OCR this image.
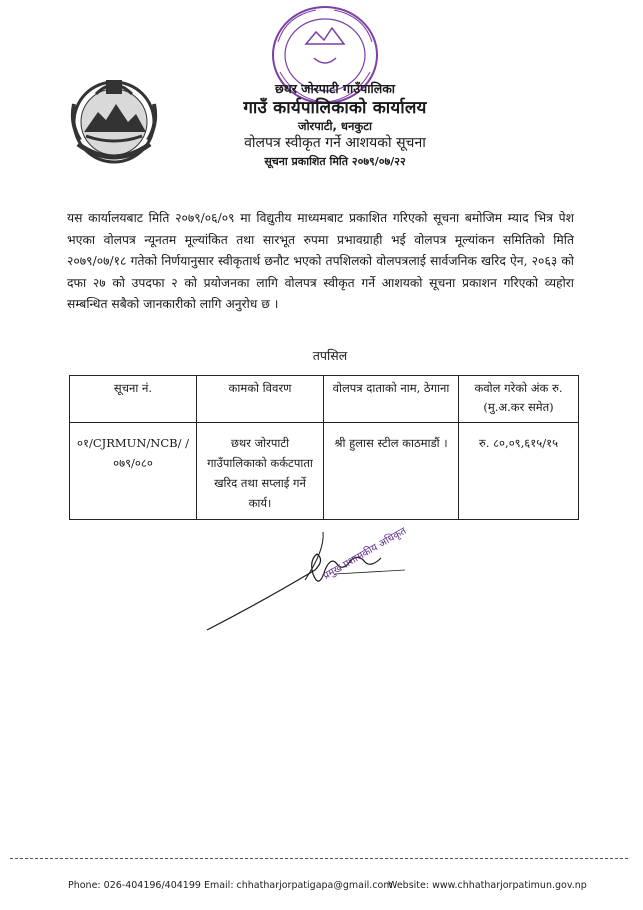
छथर जोरपाटी गाउँपालिका
गाउँ कार्यपालिकाको कार्यालय
जोरपाटी, धनकुटा
वोलपत्र स्वीकृत गर्ने आशयको सूचना
सूचना प्रकाशित मिति २०७९/०७/२२
यस कार्यालयबाट मिति २०७९/०६/०९ मा विद्युतीय माध्यमबाट प्रकाशित गरिएको सूचना बमोजिम म्याद भित्र पेश भएका वोलपत्र न्यूनतम मूल्यांकित तथा सारभूत रुपमा प्रभावग्राही भई वोलपत्र मूल्यांकन समितिको मिति २०७९/०७/१८ गतेको निर्णयानुसार स्वीकृतार्थ छनौट भएको तपशिलको वोलपत्रलाई सार्वजनिक खरिद ऐन, २०६३ को दफा २७ को उपदफा २ को प्रयोजनका लागि वोलपत्र स्वीकृत गर्ने आशयको सूचना प्रकाशन गरिएको व्यहोरा सम्बन्धित सबैको जानकारीको लागि अनुरोध छ ।
तपसिल
सूचना नं.	कामको विवरण	वोलपत्र दाताको नाम, ठेगाना	कवोल गरेको अंक रु. (मु.अ.कर समेत)
०१/CJRMUN/NCB/ /०७९/०८०	छथर जोरपाटी गाउँपालिकाको कर्कटपाता खरिद तथा सप्लाई गर्ने कार्य।	श्री हुलास स्टील काठमाडौं ।	रु. ८०,०९,६१५/१५
प्रमुख प्रशासकीय अधिकृत
Phone: 026-404196/404199 Email: chhatharjorpatigapa@gmail.com
Website: www.chhatharjorpatimun.gov.np
